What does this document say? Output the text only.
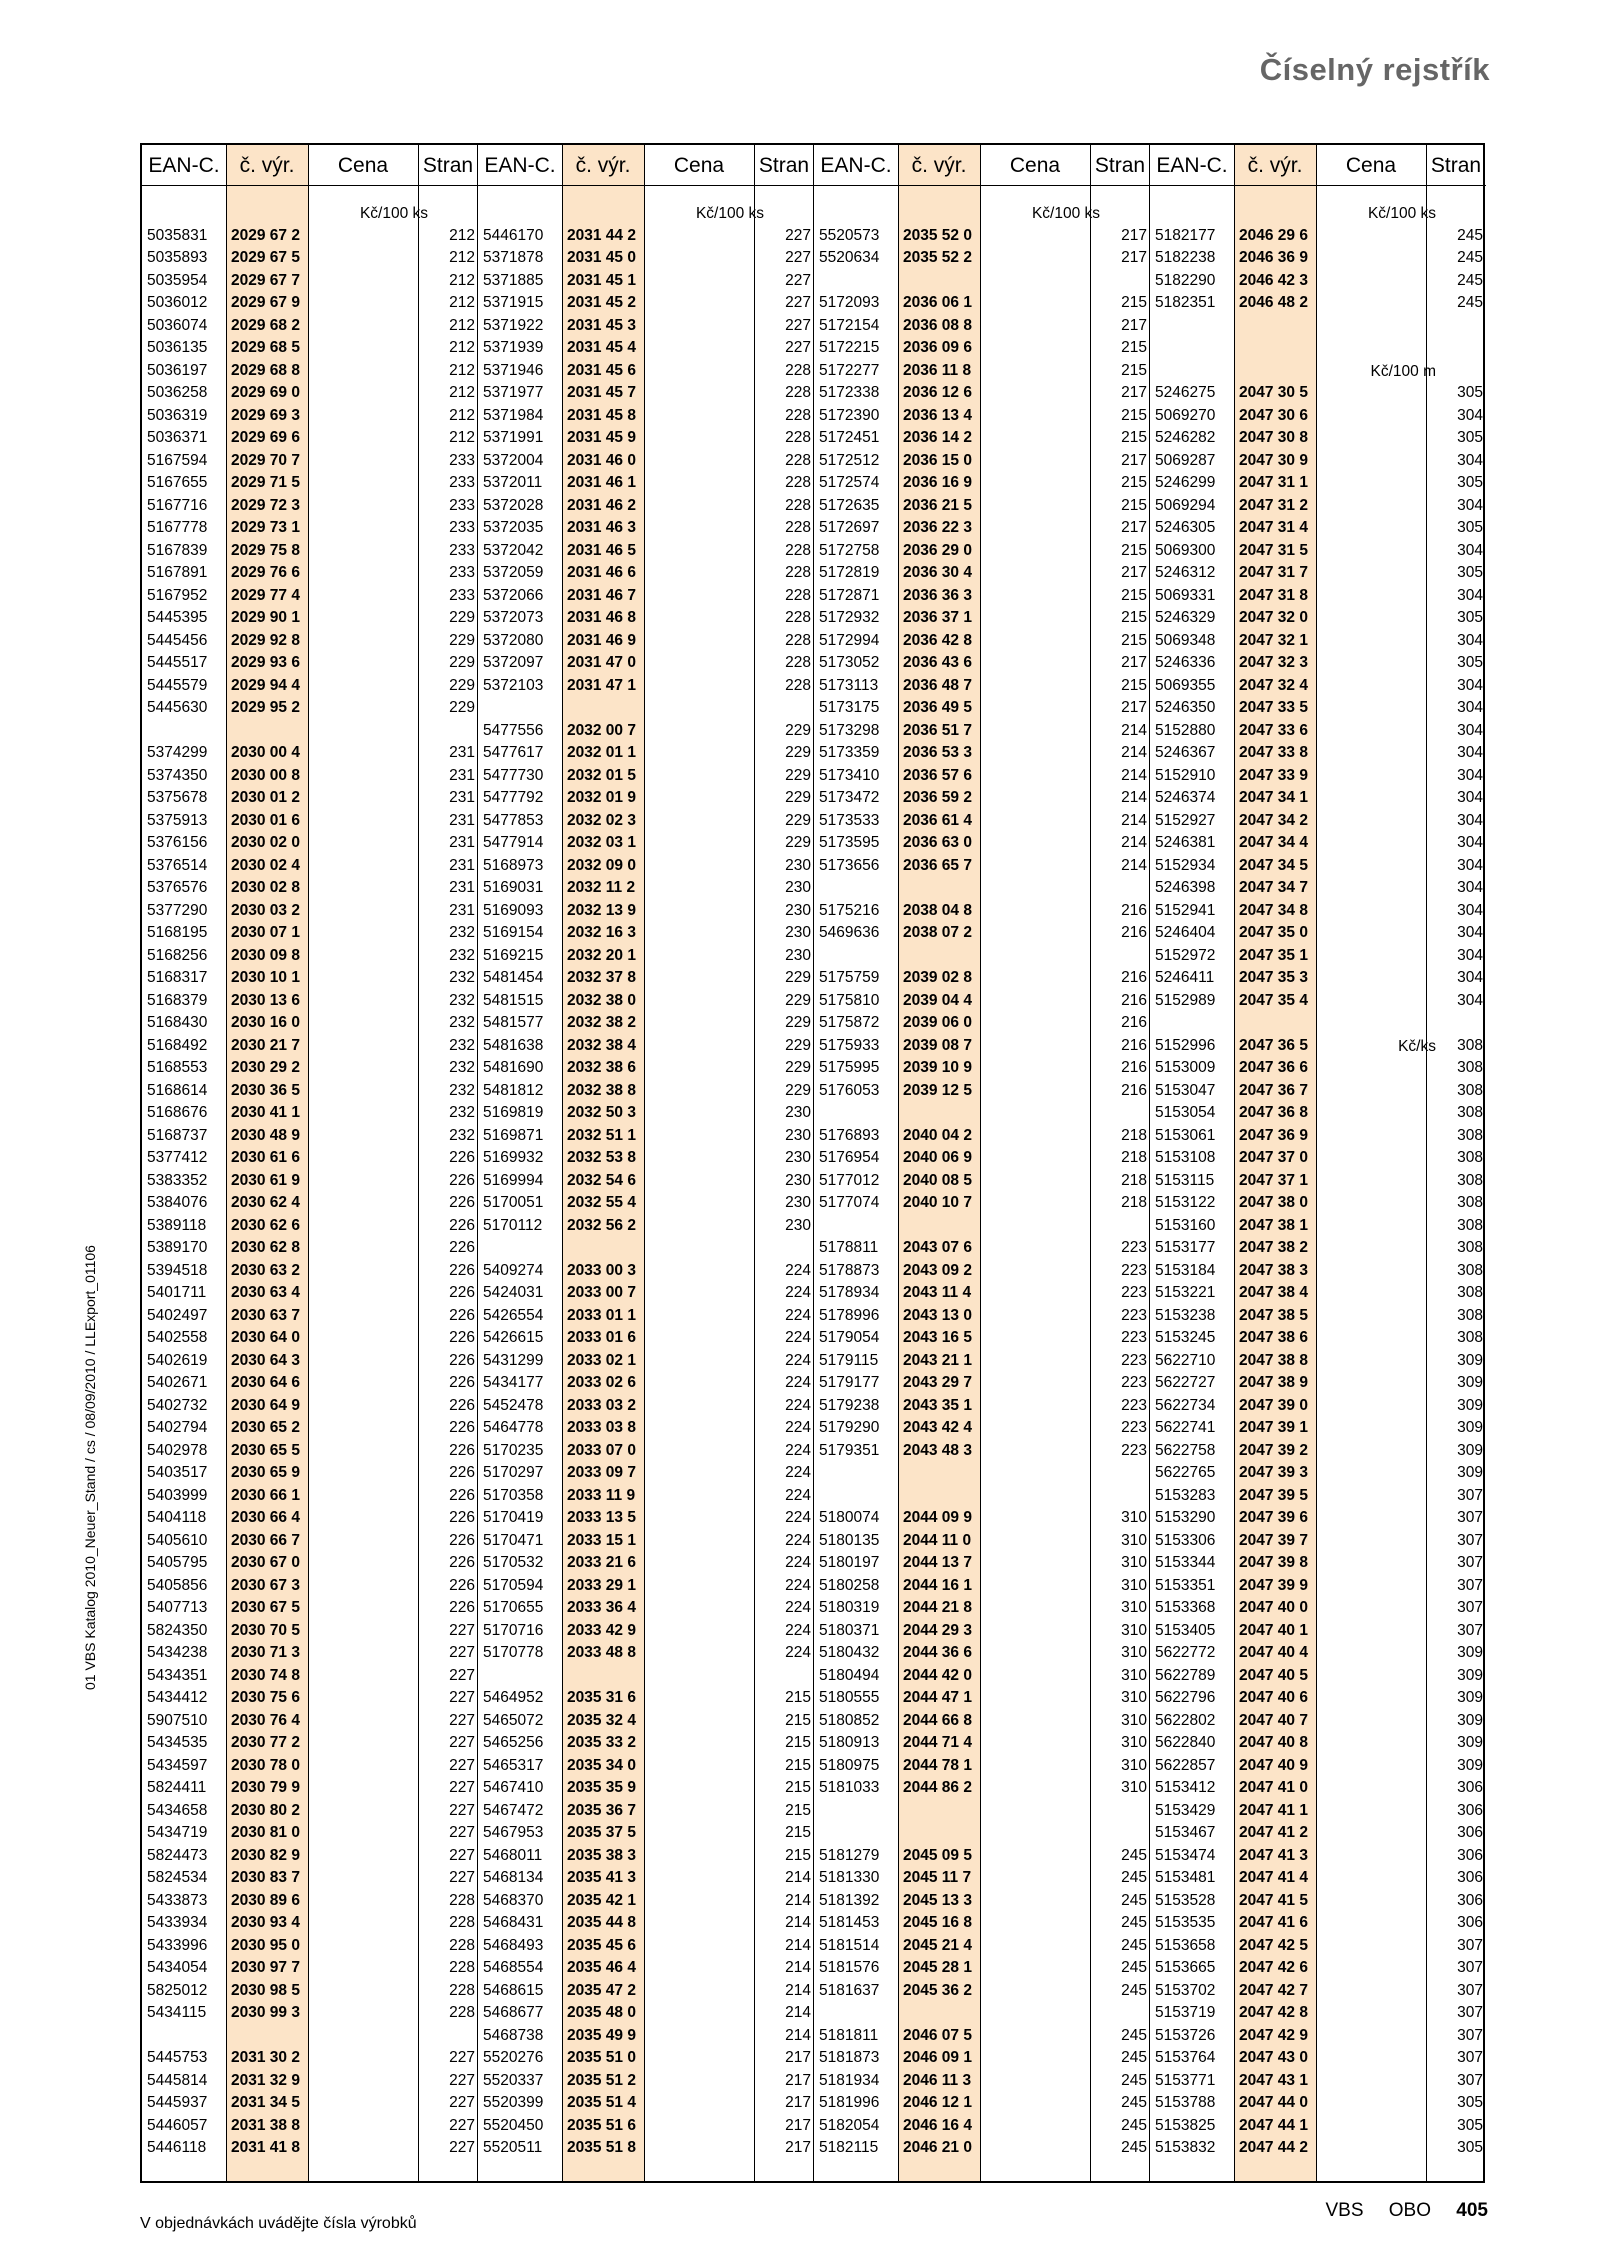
Číselný rejstřík
01 VBS Katalog 2010_Neuer_Stand / cs / 08/09/2010 / LLExport_01106
EAN-C. č. výr.	Cena	Stran
Kč/100 ks
5035831 2029 67 2	212
5035893 2029 67 5	212
5035954 2029 67 7	212
5036012 2029 67 9	212
5036074 2029 68 2	212
5036135 2029 68 5	212
5036197 2029 68 8	212
5036258 2029 69 0	212
5036319 2029 69 3	212
5036371 2029 69 6	212
5167594 2029 70 7	233
5167655 2029 71 5	233
5167716 2029 72 3	233
5167778 2029 73 1	233
5167839 2029 75 8	233
5167891 2029 76 6	233
5167952 2029 77 4	233
5445395 2029 90 1	229
5445456 2029 92 8	229
5445517 2029 93 6	229
5445579 2029 94 4	229
5445630 2029 95 2	229
5374299 2030 00 4	231
5374350 2030 00 8	231
5375678 2030 01 2	231
5375913 2030 01 6	231
5376156 2030 02 0	231
5376514 2030 02 4	231
5376576 2030 02 8	231
5377290 2030 03 2	231
5168195 2030 07 1	232
5168256 2030 09 8	232
5168317 2030 10 1	232
5168379 2030 13 6	232
5168430 2030 16 0	232
5168492 2030 21 7	232
5168553 2030 29 2	232
5168614 2030 36 5	232
5168676 2030 41 1	232
5168737 2030 48 9	232
5377412 2030 61 6	226
5383352 2030 61 9	226
5384076 2030 62 4	226
5389118 2030 62 6	226
5389170 2030 62 8	226
5394518 2030 63 2	226
5401711 2030 63 4	226
5402497 2030 63 7	226
5402558 2030 64 0	226
5402619 2030 64 3	226
5402671 2030 64 6	226
5402732 2030 64 9	226
5402794 2030 65 2	226
5402978 2030 65 5	226
5403517 2030 65 9	226
5403999 2030 66 1	226
5404118 2030 66 4	226
5405610 2030 66 7	226
5405795 2030 67 0	226
5405856 2030 67 3	226
5407713 2030 67 5	226
5824350 2030 70 5	227
5434238 2030 71 3	227
5434351 2030 74 8	227
5434412 2030 75 6	227
5907510 2030 76 4	227
5434535 2030 77 2	227
5434597 2030 78 0	227
5824411 2030 79 9	227
5434658 2030 80 2	227
5434719 2030 81 0	227
5824473 2030 82 9	227
5824534 2030 83 7	227
5433873 2030 89 6	228
5433934 2030 93 4	228
5433996 2030 95 0	228
5434054 2030 97 7	228
5825012 2030 98 5	228
5434115 2030 99 3	228
5445753 2031 30 2	227
5445814 2031 32 9	227
5445937 2031 34 5	227
5446057 2031 38 8	227
5446118 2031 41 8	227
EAN-C. č. výr.	Cena	Stran
Kč/100 ks
5446170 2031 44 2	227
5371878 2031 45 0	227
5371885 2031 45 1	227
5371915 2031 45 2	227
5371922 2031 45 3	227
5371939 2031 45 4	227
5371946 2031 45 6	228
5371977 2031 45 7	228
5371984 2031 45 8	228
5371991 2031 45 9	228
5372004 2031 46 0	228
5372011 2031 46 1	228
5372028 2031 46 2	228
5372035 2031 46 3	228
5372042 2031 46 5	228
5372059 2031 46 6	228
5372066 2031 46 7	228
5372073 2031 46 8	228
5372080 2031 46 9	228
5372097 2031 47 0	228
5372103 2031 47 1	228
5477556 2032 00 7	229
5477617 2032 01 1	229
5477730 2032 01 5	229
5477792 2032 01 9	229
5477853 2032 02 3	229
5477914 2032 03 1	229
5168973 2032 09 0	230
5169031 2032 11 2	230
5169093 2032 13 9	230
5169154 2032 16 3	230
5169215 2032 20 1	230
5481454 2032 37 8	229
5481515 2032 38 0	229
5481577 2032 38 2	229
5481638 2032 38 4	229
5481690 2032 38 6	229
5481812 2032 38 8	229
5169819 2032 50 3	230
5169871 2032 51 1	230
5169932 2032 53 8	230
5169994 2032 54 6	230
5170051 2032 55 4	230
5170112 2032 56 2	230
5409274 2033 00 3	224
5424031 2033 00 7	224
5426554 2033 01 1	224
5426615 2033 01 6	224
5431299 2033 02 1	224
5434177 2033 02 6	224
5452478 2033 03 2	224
5464778 2033 03 8	224
5170235 2033 07 0	224
5170297 2033 09 7	224
5170358 2033 11 9	224
5170419 2033 13 5	224
5170471 2033 15 1	224
5170532 2033 21 6	224
5170594 2033 29 1	224
5170655 2033 36 4	224
5170716 2033 42 9	224
5170778 2033 48 8	224
5464952 2035 31 6	215
5465072 2035 32 4	215
5465256 2035 33 2	215
5465317 2035 34 0	215
5467410 2035 35 9	215
5467472 2035 36 7	215
5467953 2035 37 5	215
5468011 2035 38 3	215
5468134 2035 41 3	214
5468370 2035 42 1	214
5468431 2035 44 8	214
5468493 2035 45 6	214
5468554 2035 46 4	214
5468615 2035 47 2	214
5468677 2035 48 0	214
5468738 2035 49 9	214
5520276 2035 51 0	217
5520337 2035 51 2	217
5520399 2035 51 4	217
5520450 2035 51 6	217
5520511 2035 51 8	217
EAN-C. č. výr.	Cena	Stran
Kč/100 ks
5520573 2035 52 0	217
5520634 2035 52 2	217
5172093 2036 06 1	215
5172154 2036 08 8	217
5172215 2036 09 6	215
5172277 2036 11 8	215
5172338 2036 12 6	217
5172390 2036 13 4	215
5172451 2036 14 2	215
5172512 2036 15 0	217
5172574 2036 16 9	215
5172635 2036 21 5	215
5172697 2036 22 3	217
5172758 2036 29 0	215
5172819 2036 30 4	217
5172871 2036 36 3	215
5172932 2036 37 1	215
5172994 2036 42 8	215
5173052 2036 43 6	217
5173113 2036 48 7	215
5173175 2036 49 5	217
5173298 2036 51 7	214
5173359 2036 53 3	214
5173410 2036 57 6	214
5173472 2036 59 2	214
5173533 2036 61 4	214
5173595 2036 63 0	214
5173656 2036 65 7	214
5175216 2038 04 8	216
5469636 2038 07 2	216
5175759 2039 02 8	216
5175810 2039 04 4	216
5175872 2039 06 0	216
5175933 2039 08 7	216
5175995 2039 10 9	216
5176053 2039 12 5	216
5176893 2040 04 2	218
5176954 2040 06 9	218
5177012 2040 08 5	218
5177074 2040 10 7	218
5178811 2043 07 6	223
5178873 2043 09 2	223
5178934 2043 11 4	223
5178996 2043 13 0	223
5179054 2043 16 5	223
5179115 2043 21 1	223
5179177 2043 29 7	223
5179238 2043 35 1	223
5179290 2043 42 4	223
5179351 2043 48 3	223
5180074 2044 09 9	310
5180135 2044 11 0	310
5180197 2044 13 7	310
5180258 2044 16 1	310
5180319 2044 21 8	310
5180371 2044 29 3	310
5180432 2044 36 6	310
5180494 2044 42 0	310
5180555 2044 47 1	310
5180852 2044 66 8	310
5180913 2044 71 4	310
5180975 2044 78 1	310
5181033 2044 86 2	310
5181279 2045 09 5	245
5181330 2045 11 7	245
5181392 2045 13 3	245
5181453 2045 16 8	245
5181514 2045 21 4	245
5181576 2045 28 1	245
5181637 2045 36 2	245
5181811 2046 07 5	245
5181873 2046 09 1	245
5181934 2046 11 3	245
5181996 2046 12 1	245
5182054 2046 16 4	245
5182115 2046 21 0	245
EAN-C. č. výr.	Cena	Stran
Kč/100 ks
Kč/100 m
Kč/ks
5182177 2046 29 6	245
5182238 2046 36 9	245
5182290 2046 42 3	245
5182351 2046 48 2	245
5246275 2047 30 5	305
5069270 2047 30 6	304
5246282 2047 30 8	305
5069287 2047 30 9	304
5246299 2047 31 1	305
5069294 2047 31 2	304
5246305 2047 31 4	305
5069300 2047 31 5	304
5246312 2047 31 7	305
5069331 2047 31 8	304
5246329 2047 32 0	305
5069348 2047 32 1	304
5246336 2047 32 3	305
5069355 2047 32 4	304
5246350 2047 33 5	304
5152880 2047 33 6	304
5246367 2047 33 8	304
5152910 2047 33 9	304
5246374 2047 34 1	304
5152927 2047 34 2	304
5246381 2047 34 4	304
5152934 2047 34 5	304
5246398 2047 34 7	304
5152941 2047 34 8	304
5246404 2047 35 0	304
5152972 2047 35 1	304
5246411 2047 35 3	304
5152989 2047 35 4	304
5152996 2047 36 5	308
5153009 2047 36 6	308
5153047 2047 36 7	308
5153054 2047 36 8	308
5153061 2047 36 9	308
5153108 2047 37 0	308
5153115 2047 37 1	308
5153122 2047 38 0	308
5153160 2047 38 1	308
5153177 2047 38 2	308
5153184 2047 38 3	308
5153221 2047 38 4	308
5153238 2047 38 5	308
5153245 2047 38 6	308
5622710 2047 38 8	309
5622727 2047 38 9	309
5622734 2047 39 0	309
5622741 2047 39 1	309
5622758 2047 39 2	309
5622765 2047 39 3	309
5153283 2047 39 5	307
5153290 2047 39 6	307
5153306 2047 39 7	307
5153344 2047 39 8	307
5153351 2047 39 9	307
5153368 2047 40 0	307
5153405 2047 40 1	307
5622772 2047 40 4	309
5622789 2047 40 5	309
5622796 2047 40 6	309
5622802 2047 40 7	309
5622840 2047 40 8	309
5622857 2047 40 9	309
5153412 2047 41 0	306
5153429 2047 41 1	306
5153467 2047 41 2	306
5153474 2047 41 3	306
5153481 2047 41 4	306
5153528 2047 41 5	306
5153535 2047 41 6	306
5153658 2047 42 5	307
5153665 2047 42 6	307
5153702 2047 42 7	307
5153719 2047 42 8	307
5153726 2047 42 9	307
5153764 2047 43 0	307
5153771 2047 43 1	307
5153788 2047 44 0	305
5153825 2047 44 1	305
5153832 2047 44 2	305
V objednávkách uvádějte čísla výrobků
VBS OBO 405
